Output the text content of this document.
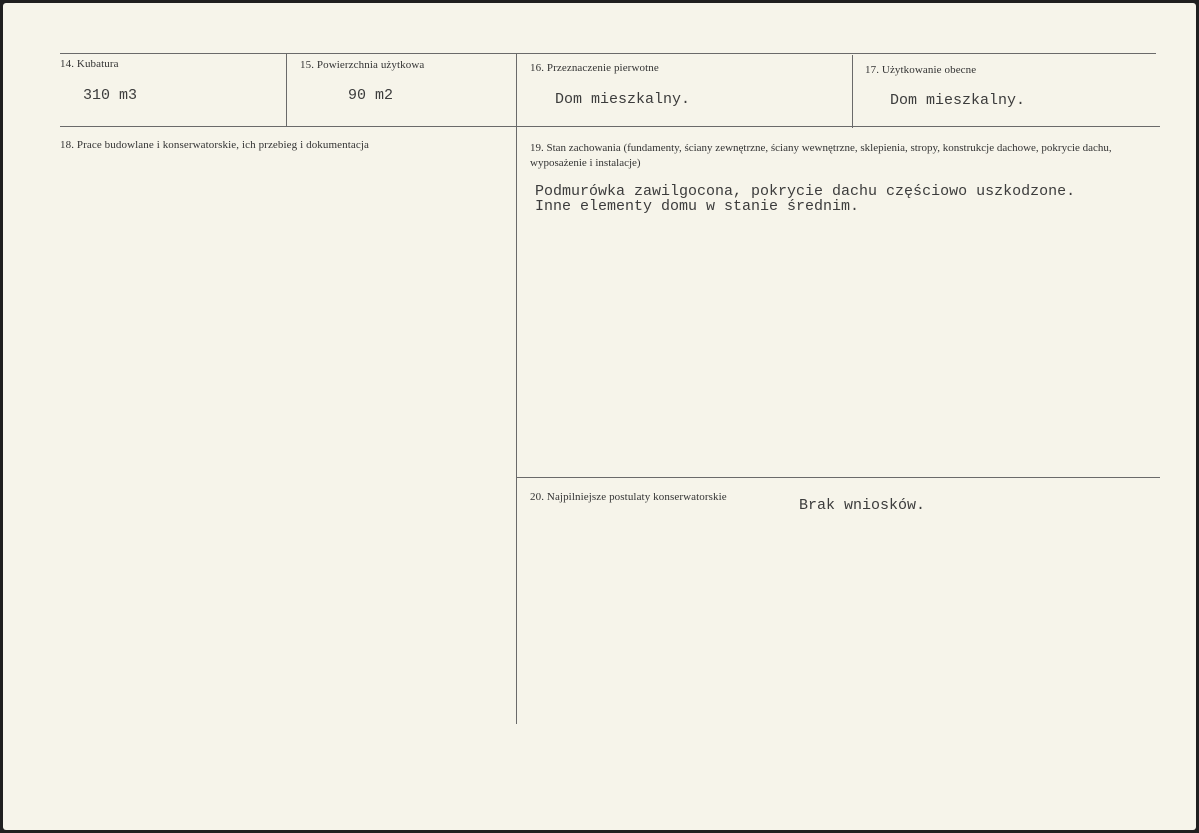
14. Kubatura
310 m3
15. Powierzchnia użytkowa
90 m2
16. Przeznaczenie pierwotne
Dom mieszkalny.
17. Użytkowanie obecne
Dom mieszkalny.
18. Prace budowlane i konserwatorskie, ich przebieg i dokumentacja	19. Stan zachowania (fundamenty, ściany zewnętrzne, ściany wewnętrzne, sklepienia, stropy, konstrukcje dachowe, pokrycie dachu, wyposażenie i instalacje)
Podmurówka zawilgocona, pokrycie dachu częściowo uszkodzone.
Inne elementy domu w stanie średnim.
20. Najpilniejsze postulaty konserwatorskie	Brak wniosków.
